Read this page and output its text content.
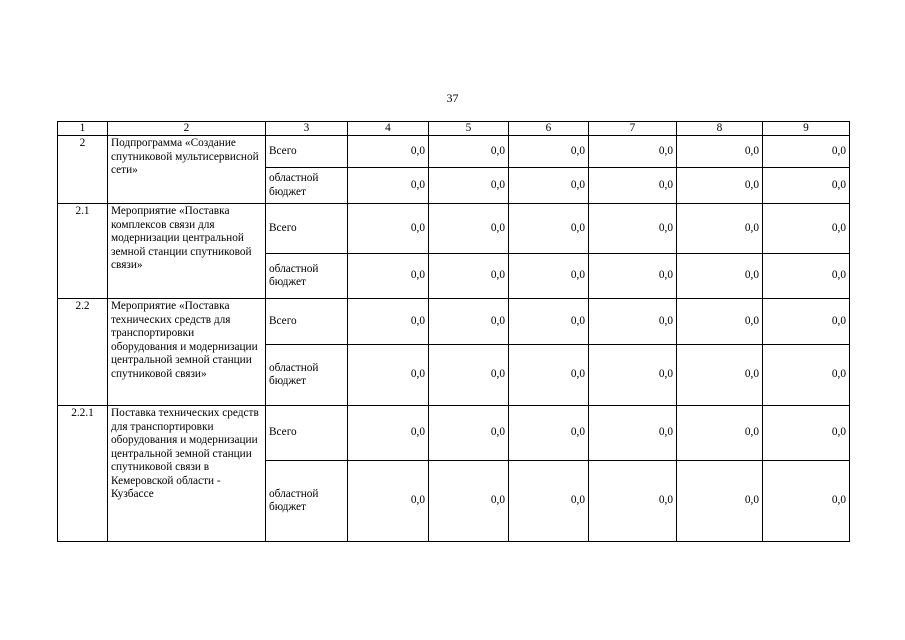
37
1	2	3	4	5	6	7	8	9
2	Подпрограмма «Создание спутниковой мультисервисной сети»	Всего	0,0	0,0	0,0	0,0	0,0	0,0
		областной бюджет	0,0	0,0	0,0	0,0	0,0	0,0
2.1	Мероприятие «Поставка комплексов связи для модернизации центральной земной станции спутниковой связи»	Всего	0,0	0,0	0,0	0,0	0,0	0,0
		областной бюджет	0,0	0,0	0,0	0,0	0,0	0,0
2.2	Мероприятие «Поставка технических средств для транспортировки оборудования и модернизации центральной земной станции спутниковой связи»	Всего	0,0	0,0	0,0	0,0	0,0	0,0
		областной бюджет	0,0	0,0	0,0	0,0	0,0	0,0
2.2.1	Поставка технических средств для транспортировки оборудования и модернизации центральной земной станции спутниковой связи в Кемеровской области - Кузбассе	Всего	0,0	0,0	0,0	0,0	0,0	0,0
		областной бюджет	0,0	0,0	0,0	0,0	0,0	0,0
